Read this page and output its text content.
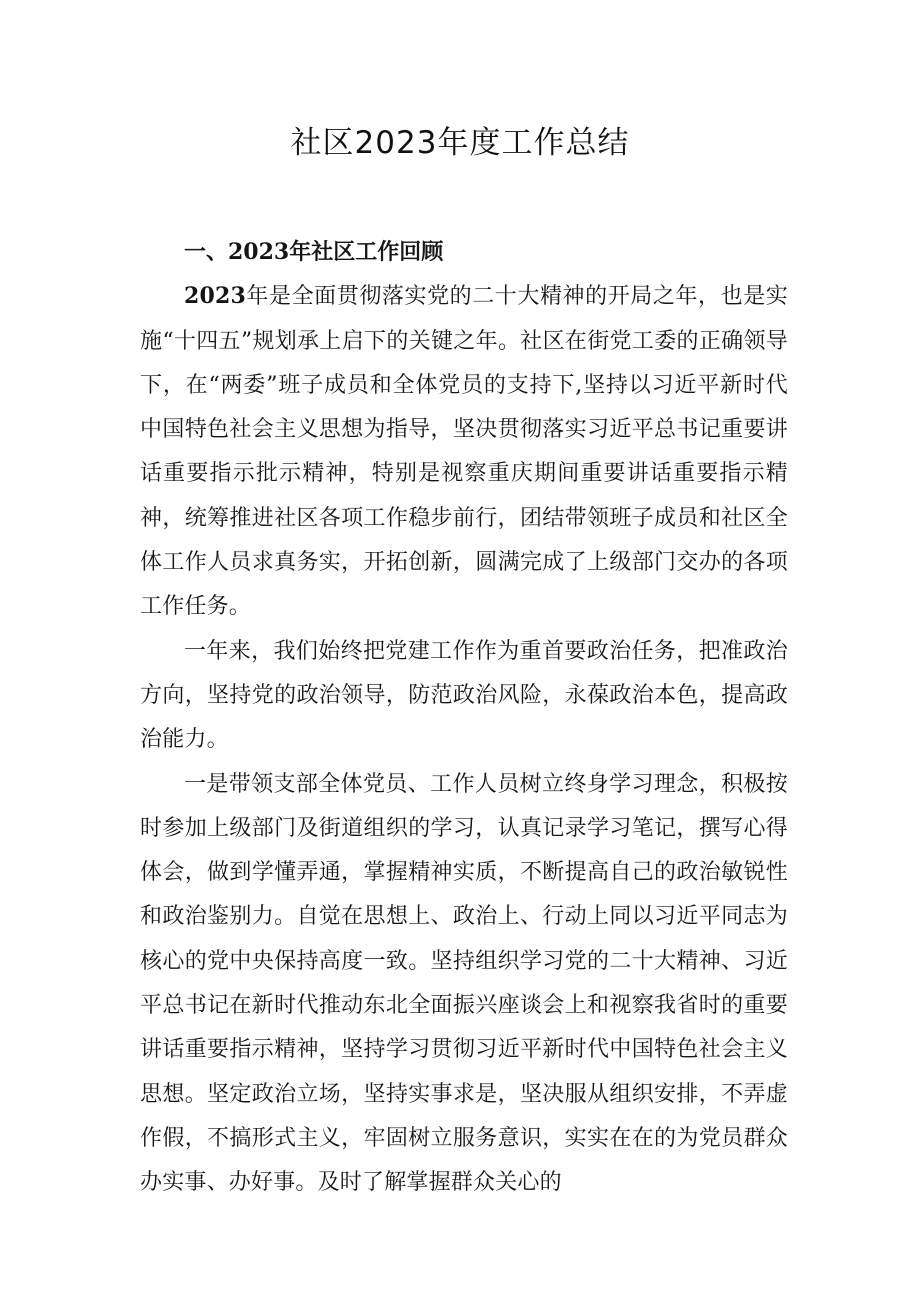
社区2023年度工作总结

一、2023年社区工作回顾

2023年是全面贯彻落实党的二十大精神的开局之年，也是实施“十四五”规划承上启下的关键之年。社区在街党工委的正确领导下，在“两委”班子成员和全体党员的支持下,坚持以习近平新时代中国特色社会主义思想为指导，坚决贯彻落实习近平总书记重要讲话重要指示批示精神，特别是视察重庆期间重要讲话重要指示精神，统筹推进社区各项工作稳步前行，团结带领班子成员和社区全体工作人员求真务实，开拓创新，圆满完成了上级部门交办的各项工作任务。

一年来，我们始终把党建工作作为重首要政治任务，把准政治方向，坚持党的政治领导，防范政治风险，永葆政治本色，提高政治能力。

一是带领支部全体党员、工作人员树立终身学习理念，积极按时参加上级部门及街道组织的学习，认真记录学习笔记，撰写心得体会，做到学懂弄通，掌握精神实质，不断提高自己的政治敏锐性和政治鉴别力。自觉在思想上、政治上、行动上同以习近平同志为核心的党中央保持高度一致。坚持组织学习党的二十大精神、习近平总书记在新时代推动东北全面振兴座谈会上和视察我省时的重要讲话重要指示精神，坚持学习贯彻习近平新时代中国特色社会主义思想。坚定政治立场，坚持实事求是，坚决服从组织安排，不弄虚作假，不搞形式主义，牢固树立服务意识，实实在在的为党员群众办实事、办好事。及时了解掌握群众关心的
